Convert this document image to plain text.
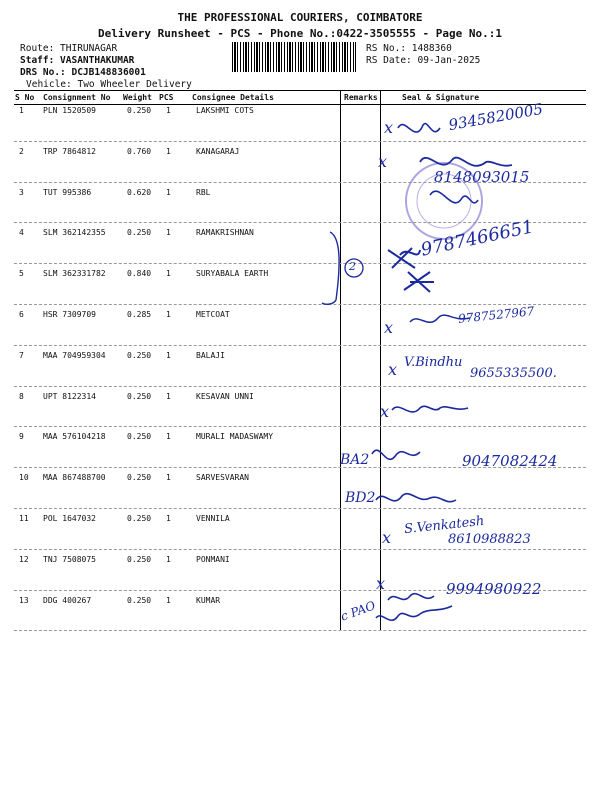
THE PROFESSIONAL COURIERS, COIMBATORE
Delivery Runsheet - PCS - Phone No.:0422-3505555 - Page No.:1
Route: THIRUNAGAR
Staff: VASANTHAKUMAR
DRS No.: DCJB148836001
Vehicle: Two Wheeler Delivery
RS No.: 1488360
RS Date: 09-Jan-2025
S No Consignment No Weight PCS Consignee Details	Remarks	Seal & Signature
1 PLN 1520509	0.250 1	LAKSHMI COTS
2 TRP 7864812	0.760 1	KANAGARAJ
3 TUT 995386	0.620 1	RBL
4 SLM 362142355	0.250 1	RAMAKRISHNAN
5 SLM 362331782	0.840 1	SURYABALA EARTH
6 HSR 7309709	0.285 1	METCOAT
7 MAA 704959304	0.250 1	BALAJI
8 UPT 8122314	0.250 1	KESAVAN UNNI
9 MAA 576104218	0.250 1	MURALI MADASWAMY
10 MAA 867488700	0.250 1	SARVESVARAN
11 POL 1647032	0.250 1	VENNILA
12 TNJ 7508075	0.250 1	PONMANI
13 DDG 400267	0.250 1	KUMAR
x	9345820005
x
8148093015
9787466651
2
x
9787527967
x V.Bindhu
9655335500.
x
BA2	9047082424
BD2
x
S.Venkatesh
8610988823
x	9994980922
c PAO
